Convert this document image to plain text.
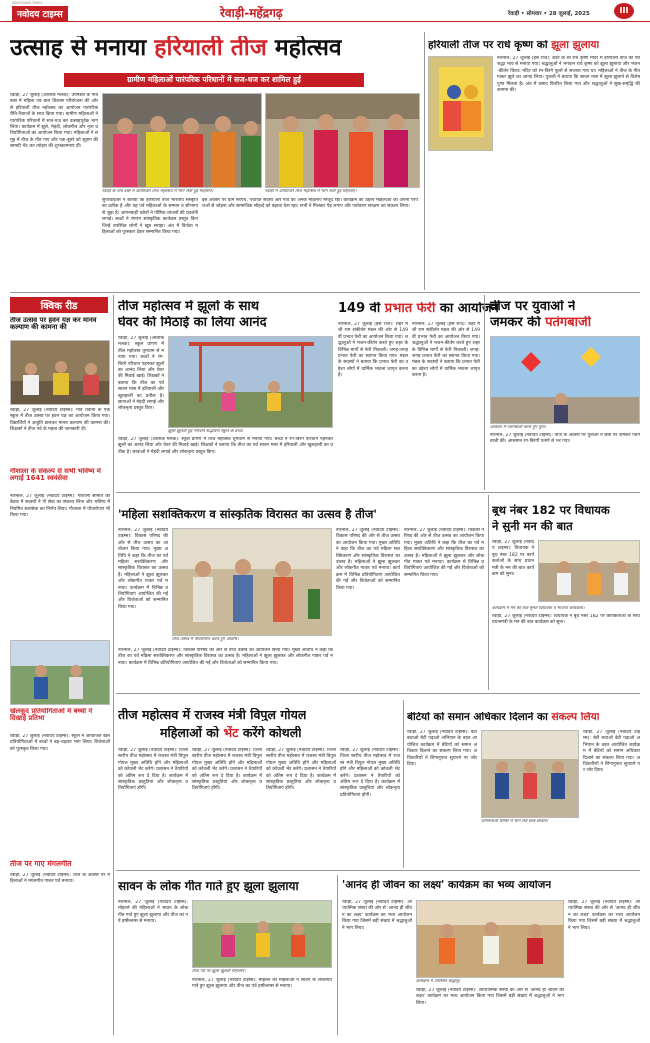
NAVODAYA TIMES
नवोदय टाइम्स	रेवाड़ी-महेंद्रगढ़	रेवाड़ी • सोमवार • 28 जुलाई, 2025	III
उत्साह से मनाया हरियाली तीज महोत्सव
ग्रामीण महिलाओं पारंपरिक परिधानों में सज-धज कर शामिल हुईं
रेवाड़ी के गांव बास में आयोजित तीज महोत्सव में भाग लेती हुई महिलाएं।	रेवाड़ी में आयोजित तीज महोत्सव में भाग लेती हुई महिलाएं।
रेवाड़ी, 27 जुलाई (आलोक मलक): उपमंडल के गांव बास में महिला एवं बाल विकास परियोजना की ओर से हरियाली तीज महोत्सव का आयोजन पारंपरिक रीति-रिवाजों के साथ किया गया। ग्रामीण महिलाओं ने पारंपरिक परिधानों में सज-धज कर उत्साहपूर्वक भाग लिया। कार्यक्रम में झूले, मेहंदी, लोकगीत और नृत्य प्रतियोगिताओं का आयोजन किया गया। महिलाओं ने समूह में तीज के गीत गाए और एक-दूसरे को सुहाग की सामग्री भेंट कर त्योहार की शुभकामनाएं दीं।
सुपरवाइजर ने बताया कि हरियाली तीज भारतीय संस्कृति का प्रतीक है और यह पर्व महिलाओं के सम्मान व सौभाग्य से जुड़ा है। आंगनवाड़ी वर्करों ने पौष्टिक व्यंजनों की प्रदर्शनी लगाई। बच्चों ने रंगारंग सांस्कृतिक कार्यक्रम प्रस्तुत किए जिन्हें उपस्थित लोगों ने खूब सराहा। अंत में विजेता महिलाओं को पुरस्कार देकर सम्मानित किया गया।
इस अवसर पर ग्राम सरपंच, पंचायत सदस्य और गांव की अनेक महिलाएं मौजूद रहीं। कार्यक्रम का उद्देश्य महिलाओं को अपनी परंपराओं से जोड़ना और सामाजिक सौहार्द को बढ़ावा देना रहा। सभी ने मिलकर पेड़ लगाए और पर्यावरण संरक्षण का संकल्प लिया।
हरियाली तीज पर राधे कृष्ण को झूला झुलाया
नारनौल, 27 जुलाई (हंस राज): शहर के श्री राधे कृष्ण मंदिर में हरियाली तीज का पर्व श्रद्धा भाव से मनाया गया। श्रद्धालुओं ने भगवान राधे कृष्ण को झूला झुलाया और भजन-कीर्तन किया। मंदिर को रंग-बिरंगे फूलों से सजाया गया था। महिलाओं ने तीज के गीत गाकर झूले का आनंद लिया। पुजारी ने बताया कि सावन मास में झूला झुलाने से विशेष पुण्य मिलता है। अंत में प्रसाद वितरित किया गया और श्रद्धालुओं ने सुख-समृद्धि की कामना की।
क्विक रीड
तीज उत्सव पर हवन यज्ञ कर मानव कल्याण की कामना की
रेवाड़ी, 27 जुलाई (नवोदय टाइम्स): गांव धवाना के एक स्कूल में तीज उत्सव पर हवन यज्ञ का आयोजन किया गया। विद्यार्थियों ने आहुति डालकर मानव कल्याण की कामना की। शिक्षकों ने तीज पर्व के महत्व की जानकारी दी।
गौशाला के संकल्प से सभी भविष्य में लगाई 1641 स्वयंसेवा
नारनौल, 27 जुलाई (नवोदय टाइम्स): गौशाला समिति की बैठक में सदस्यों ने गौ सेवा का संकल्प लिया और भविष्य में नियमित स्वयंसेवा का निर्णय लिया। गौशाला में पौधारोपण भी किया गया।
खेलकूद प्रतियोगिताओं में बच्चों ने दिखाई प्रतिभा
रेवाड़ी, 27 जुलाई (नवोदय टाइम्स): स्कूल में आयोजित खेल प्रतियोगिताओं में बच्चों ने बढ़-चढ़कर भाग लिया। विजेताओं को पुरस्कृत किया गया।
तीज पर गाए मंगलगीत
रेवाड़ी, 27 जुलाई (नवोदय टाइम्स): तीज के अवसर पर महिलाओं ने मंगलगीत गाकर पर्व मनाया।
तीज महोत्सव में झूलों के साथ
घेवर की मिठाई का लिया आनंद
रेवाड़ी, 27 जुलाई (आलोक मलक): स्कूल प्रांगण में तीज महोत्सव धूमधाम से मनाया गया। बच्चों ने रंग-बिरंगे परिधान पहनकर झूलों का आनंद लिया और घेवर की मिठाई खाई। शिक्षकों ने बताया कि तीज का पर्व सावन मास में हरियाली और खुशहाली का प्रतीक है। छात्राओं ने मेहंदी लगाई और लोकनृत्य प्रस्तुत किए।
झूला झूलती हुई भगवान सद्भावना स्कूल के बच्चे।
रेवाड़ी, 27 जुलाई (आलोक मलक): स्कूल प्रांगण में तीज महोत्सव धूमधाम से मनाया गया। बच्चों ने रंग-बिरंगे परिधान पहनकर झूलों का आनंद लिया और घेवर की मिठाई खाई। शिक्षकों ने बताया कि तीज का पर्व सावन मास में हरियाली और खुशहाली का प्रतीक है। छात्राओं ने मेहंदी लगाई और लोकनृत्य प्रस्तुत किए।
149 वीं प्रभात फेरी का आयोजन
नारनौल, 27 जुलाई (हंस राज): शहर में श्री राम संकीर्तन मंडल की ओर से 149 वीं प्रभात फेरी का आयोजन किया गया। श्रद्धालुओं ने भजन-कीर्तन करते हुए शहर के विभिन्न मार्गों से फेरी निकाली। जगह-जगह प्रभात फेरी का स्वागत किया गया। मंडल के सदस्यों ने बताया कि प्रभात फेरी का उद्देश्य लोगों में धार्मिक भावना जागृत करना है।
नारनौल, 27 जुलाई (हंस राज): शहर में श्री राम संकीर्तन मंडल की ओर से 149 वीं प्रभात फेरी का आयोजन किया गया। श्रद्धालुओं ने भजन-कीर्तन करते हुए शहर के विभिन्न मार्गों से फेरी निकाली। जगह-जगह प्रभात फेरी का स्वागत किया गया। मंडल के सदस्यों ने बताया कि प्रभात फेरी का उद्देश्य लोगों में धार्मिक भावना जागृत करना है।
तीज पर युवाओं ने
जमकर की पतंगबाजी
आकाश में पतंगबाजी करते हुए युवा।
नारनौल, 27 जुलाई (नवोदय टाइम्स): तीज के अवसर पर युवाओं ने छतों पर जमकर पतंगबाजी की। आसमान रंग-बिरंगी पतंगों से भर गया।
'महिला सशक्तिकरण व सांस्कृतिक विरासत का उत्सव है तीज'
नारनौल, 27 जुलाई (नवोदय टाइम्स): विकास परिषद की ओर से तीज उत्सव का आयोजन किया गया। मुख्य अतिथि ने कहा कि तीज का पर्व महिला सशक्तिकरण और सांस्कृतिक विरासत का उत्सव है। महिलाओं ने झूला झूलकर और लोकगीत गाकर पर्व मनाया। कार्यक्रम में विभिन्न प्रतियोगिताएं आयोजित की गईं और विजेताओं को सम्मानित किया गया।
तीज उत्सव में पौधारोपण करते हुए अतिथि।
नारनौल, 27 जुलाई (नवोदय टाइम्स): विकास परिषद की ओर से तीज उत्सव का आयोजन किया गया। मुख्य अतिथि ने कहा कि तीज का पर्व महिला सशक्तिकरण और सांस्कृतिक विरासत का उत्सव है। महिलाओं ने झूला झूलकर और लोकगीत गाकर पर्व मनाया। कार्यक्रम में विभिन्न प्रतियोगिताएं आयोजित की गईं और विजेताओं को सम्मानित किया गया।
नारनौल, 27 जुलाई (नवोदय टाइम्स): विकास परिषद की ओर से तीज उत्सव का आयोजन किया गया। मुख्य अतिथि ने कहा कि तीज का पर्व महिला सशक्तिकरण और सांस्कृतिक विरासत का उत्सव है। महिलाओं ने झूला झूलकर और लोकगीत गाकर पर्व मनाया। कार्यक्रम में विभिन्न प्रतियोगिताएं आयोजित की गईं और विजेताओं को सम्मानित किया गया।
नारनौल, 27 जुलाई (नवोदय टाइम्स): विकास परिषद की ओर से तीज उत्सव का आयोजन किया गया। मुख्य अतिथि ने कहा कि तीज का पर्व महिला सशक्तिकरण और सांस्कृतिक विरासत का उत्सव है। महिलाओं ने झूला झूलकर और लोकगीत गाकर पर्व मनाया। कार्यक्रम में विभिन्न प्रतियोगिताएं आयोजित की गईं और विजेताओं को सम्मानित किया गया।
बूथ नंबर 182 पर विधायक
ने सुनी मन की बात
रेवाड़ी, 27 जुलाई (नवोदय टाइम्स): विधायक ने बूथ नंबर 182 पर कार्यकर्ताओं के साथ प्रधानमंत्री के मन की बात कार्यक्रम को सुना।
कार्यक्रम में मन की बात सुनते विधायक व भाजपा कार्यकर्ता।
रेवाड़ी, 27 जुलाई (नवोदय टाइम्स): विधायक ने बूथ नंबर 182 पर कार्यकर्ताओं के साथ प्रधानमंत्री के मन की बात कार्यक्रम को सुना।
तीज महोत्सव में राजस्व मंत्री विपुल गोयल
महिलाओं को भेंट करेंगे कोथली
रेवाड़ी, 27 जुलाई (नवोदय टाइम्स): जिला स्तरीय तीज महोत्सव में राजस्व मंत्री विपुल गोयल मुख्य अतिथि होंगे और महिलाओं को कोथली भेंट करेंगे। प्रशासन ने तैयारियों को अंतिम रूप दे दिया है। कार्यक्रम में सांस्कृतिक प्रस्तुतियां और लोकनृत्य प्रतियोगिताएं होंगी।
रेवाड़ी, 27 जुलाई (नवोदय टाइम्स): जिला स्तरीय तीज महोत्सव में राजस्व मंत्री विपुल गोयल मुख्य अतिथि होंगे और महिलाओं को कोथली भेंट करेंगे। प्रशासन ने तैयारियों को अंतिम रूप दे दिया है। कार्यक्रम में सांस्कृतिक प्रस्तुतियां और लोकनृत्य प्रतियोगिताएं होंगी।
रेवाड़ी, 27 जुलाई (नवोदय टाइम्स): जिला स्तरीय तीज महोत्सव में राजस्व मंत्री विपुल गोयल मुख्य अतिथि होंगे और महिलाओं को कोथली भेंट करेंगे। प्रशासन ने तैयारियों को अंतिम रूप दे दिया है। कार्यक्रम में सांस्कृतिक प्रस्तुतियां और लोकनृत्य प्रतियोगिताएं होंगी।
रेवाड़ी, 27 जुलाई (नवोदय टाइम्स): जिला स्तरीय तीज महोत्सव में राजस्व मंत्री विपुल गोयल मुख्य अतिथि होंगे और महिलाओं को कोथली भेंट करेंगे। प्रशासन ने तैयारियों को अंतिम रूप दे दिया है। कार्यक्रम में सांस्कृतिक प्रस्तुतियां और लोकनृत्य प्रतियोगिताएं होंगी।
बेटियों को समान अधिकार दिलाने का संकल्प लिया
रेवाड़ी, 27 जुलाई (नवोदय टाइम्स): बेटी बचाओ बेटी पढ़ाओ अभियान के तहत आयोजित कार्यक्रम में बेटियों को समान अधिकार दिलाने का संकल्प लिया गया। अधिकारियों ने लिंगानुपात सुधारने पर जोर दिया।
जागरूकता शिविर में भाग लेते छात्र-छात्राएं।
रेवाड़ी, 27 जुलाई (नवोदय टाइम्स): बेटी बचाओ बेटी पढ़ाओ अभियान के तहत आयोजित कार्यक्रम में बेटियों को समान अधिकार दिलाने का संकल्प लिया गया। अधिकारियों ने लिंगानुपात सुधारने पर जोर दिया।
सावन के लोक गीत गाते हुए झूला झुलाया
नारनौल, 27 जुलाई (नवोदय टाइम्स): मोहल्ले की महिलाओं ने सावन के लोकगीत गाते हुए झूला झुलाया और तीज का पर्व हर्षोल्लास से मनाया।
तीज पर्व पर झूला झूलती महिलाएं।
नारनौल, 27 जुलाई (नवोदय टाइम्स): मोहल्ले की महिलाओं ने सावन के लोकगीत गाते हुए झूला झुलाया और तीज का पर्व हर्षोल्लास से मनाया।
'आनंद ही जीवन का लक्ष्य' कार्यक्रम का भव्य आयोजन
रेवाड़ी, 27 जुलाई (नवोदय टाइम्स): आध्यात्मिक संस्था की ओर से 'आनंद ही जीवन का लक्ष्य' कार्यक्रम का भव्य आयोजन किया गया जिसमें बड़ी संख्या में श्रद्धालुओं ने भाग लिया।
कार्यक्रम में उपस्थित श्रद्धालु।
रेवाड़ी, 27 जुलाई (नवोदय टाइम्स): आध्यात्मिक संस्था की ओर से 'आनंद ही जीवन का लक्ष्य' कार्यक्रम का भव्य आयोजन किया गया जिसमें बड़ी संख्या में श्रद्धालुओं ने भाग लिया।
रेवाड़ी, 27 जुलाई (नवोदय टाइम्स): आध्यात्मिक संस्था की ओर से 'आनंद ही जीवन का लक्ष्य' कार्यक्रम का भव्य आयोजन किया गया जिसमें बड़ी संख्या में श्रद्धालुओं ने भाग लिया।
